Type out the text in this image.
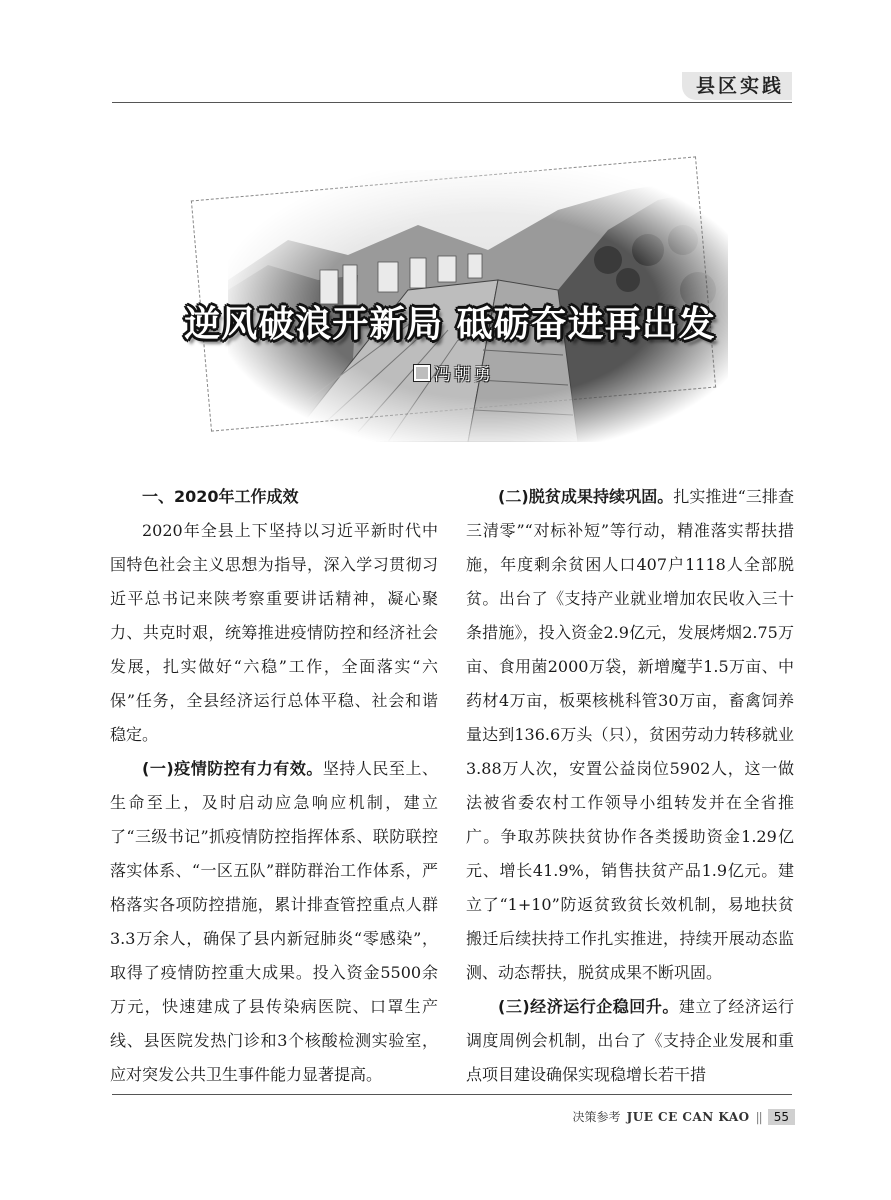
县区实践
逆风破浪开新局 砥砺奋进再出发
冯朝勇
一、2020年工作成效

2020年全县上下坚持以习近平新时代中国特色社会主义思想为指导，深入学习贯彻习近平总书记来陕考察重要讲话精神，凝心聚力、共克时艰，统筹推进疫情防控和经济社会发展，扎实做好“六稳”工作，全面落实“六保”任务，全县经济运行总体平稳、社会和谐稳定。

(一)疫情防控有力有效。坚持人民至上、生命至上，及时启动应急响应机制，建立了“三级书记”抓疫情防控指挥体系、联防联控落实体系、“一区五队”群防群治工作体系，严格落实各项防控措施，累计排查管控重点人群3.3万余人，确保了县内新冠肺炎“零感染”，取得了疫情防控重大成果。投入资金5500余万元，快速建成了县传染病医院、口罩生产线、县医院发热门诊和3个核酸检测实验室，应对突发公共卫生事件能力显著提高。

(二)脱贫成果持续巩固。扎实推进“三排查三清零”“对标补短”等行动，精准落实帮扶措施，年度剩余贫困人口407户1118人全部脱贫。出台了《支持产业就业增加农民收入三十条措施》，投入资金2.9亿元，发展烤烟2.75万亩、食用菌2000万袋，新增魔芋1.5万亩、中药材4万亩，板栗核桃科管30万亩，畜禽饲养量达到136.6万头（只），贫困劳动力转移就业3.88万人次，安置公益岗位5902人，这一做法被省委农村工作领导小组转发并在全省推广。争取苏陕扶贫协作各类援助资金1.29亿元、增长41.9%，销售扶贫产品1.9亿元。建立了“1+10”防返贫致贫长效机制，易地扶贫搬迁后续扶持工作扎实推进，持续开展动态监测、动态帮扶，脱贫成果不断巩固。

(三)经济运行企稳回升。建立了经济运行调度周例会机制，出台了《支持企业发展和重点项目建设确保实现稳增长若干措

决策参考 JUE CE CAN KAO ||	55
